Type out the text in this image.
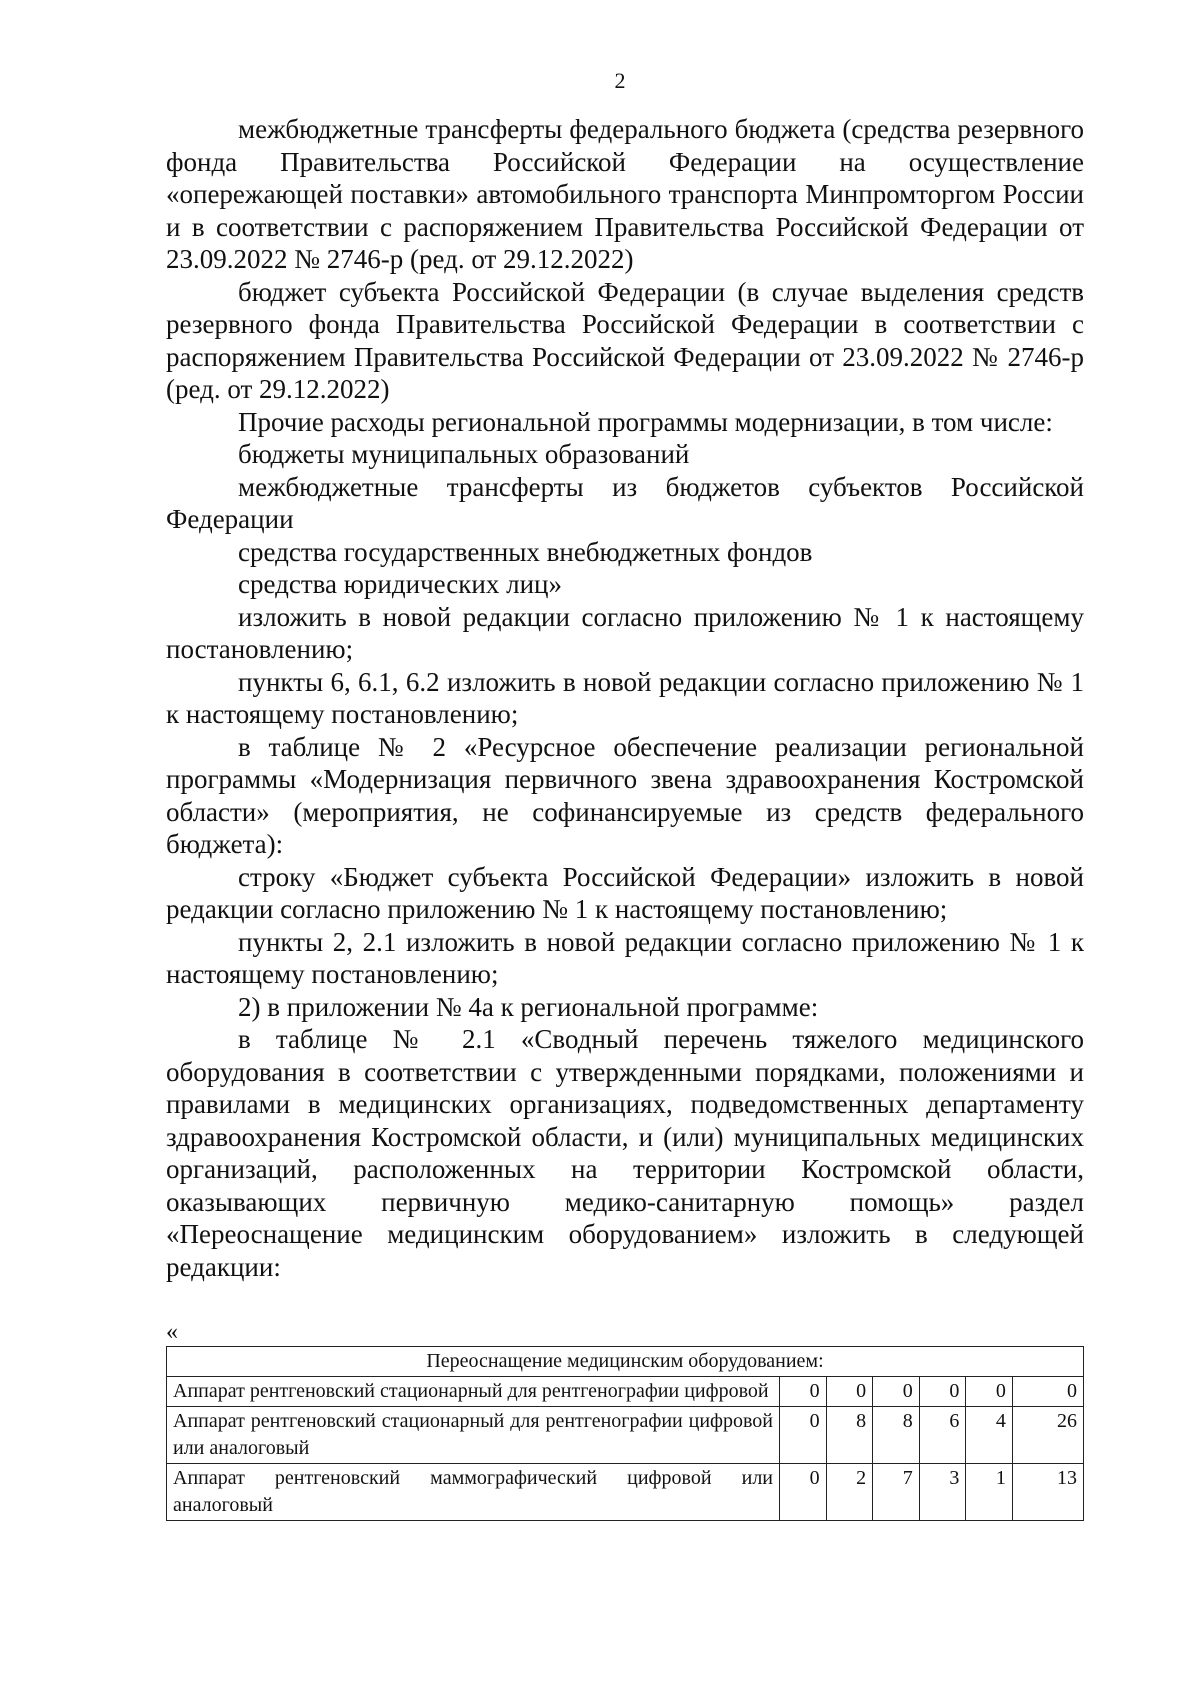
2

межбюджетные трансферты федерального бюджета (средства резервного фонда Правительства Российской Федерации на осуществление «опережающей поставки» автомобильного транспорта Минпромторгом России и в соответствии с распоряжением Правительства Российской Федерации от 23.09.2022 № 2746-р (ред. от 29.12.2022)

бюджет субъекта Российской Федерации (в случае выделения средств резервного фонда Правительства Российской Федерации в соответствии с распоряжением Правительства Российской Федерации от 23.09.2022 № 2746-р (ред. от 29.12.2022)

Прочие расходы региональной программы модернизации, в том числе:

бюджеты муниципальных образований

межбюджетные трансферты из бюджетов субъектов Российской Федерации

средства государственных внебюджетных фондов

средства юридических лиц»

изложить в новой редакции согласно приложению № 1 к настоящему постановлению;

пункты 6, 6.1, 6.2 изложить в новой редакции согласно приложению № 1 к настоящему постановлению;

в таблице № 2 «Ресурсное обеспечение реализации региональной программы «Модернизация первичного звена здравоохранения Костромской области» (мероприятия, не софинансируемые из средств федерального бюджета):

строку «Бюджет субъекта Российской Федерации» изложить в новой редакции согласно приложению № 1 к настоящему постановлению;

пункты 2, 2.1 изложить в новой редакции согласно приложению № 1 к настоящему постановлению;

2) в приложении № 4а к региональной программе:

в таблице № 2.1 «Сводный перечень тяжелого медицинского оборудования в соответствии с утвержденными порядками, положениями и правилами в медицинских организациях, подведомственных департаменту здравоохранения Костромской области, и (или) муниципальных медицинских организаций, расположенных на территории Костромской области, оказывающих первичную медико-санитарную помощь» раздел «Переоснащение медицинским оборудованием» изложить в следующей редакции:

«
Переоснащение медицинским оборудованием:						
Аппарат рентгеновский стационарный для рентгенографии цифровой	0	0	0	0	0	0
Аппарат рентгеновский стационарный для рентгенографии цифровой или аналоговый	0	8	8	6	4	26
Аппарат рентгеновский маммографический цифровой или аналоговый	0	2	7	3	1	13
